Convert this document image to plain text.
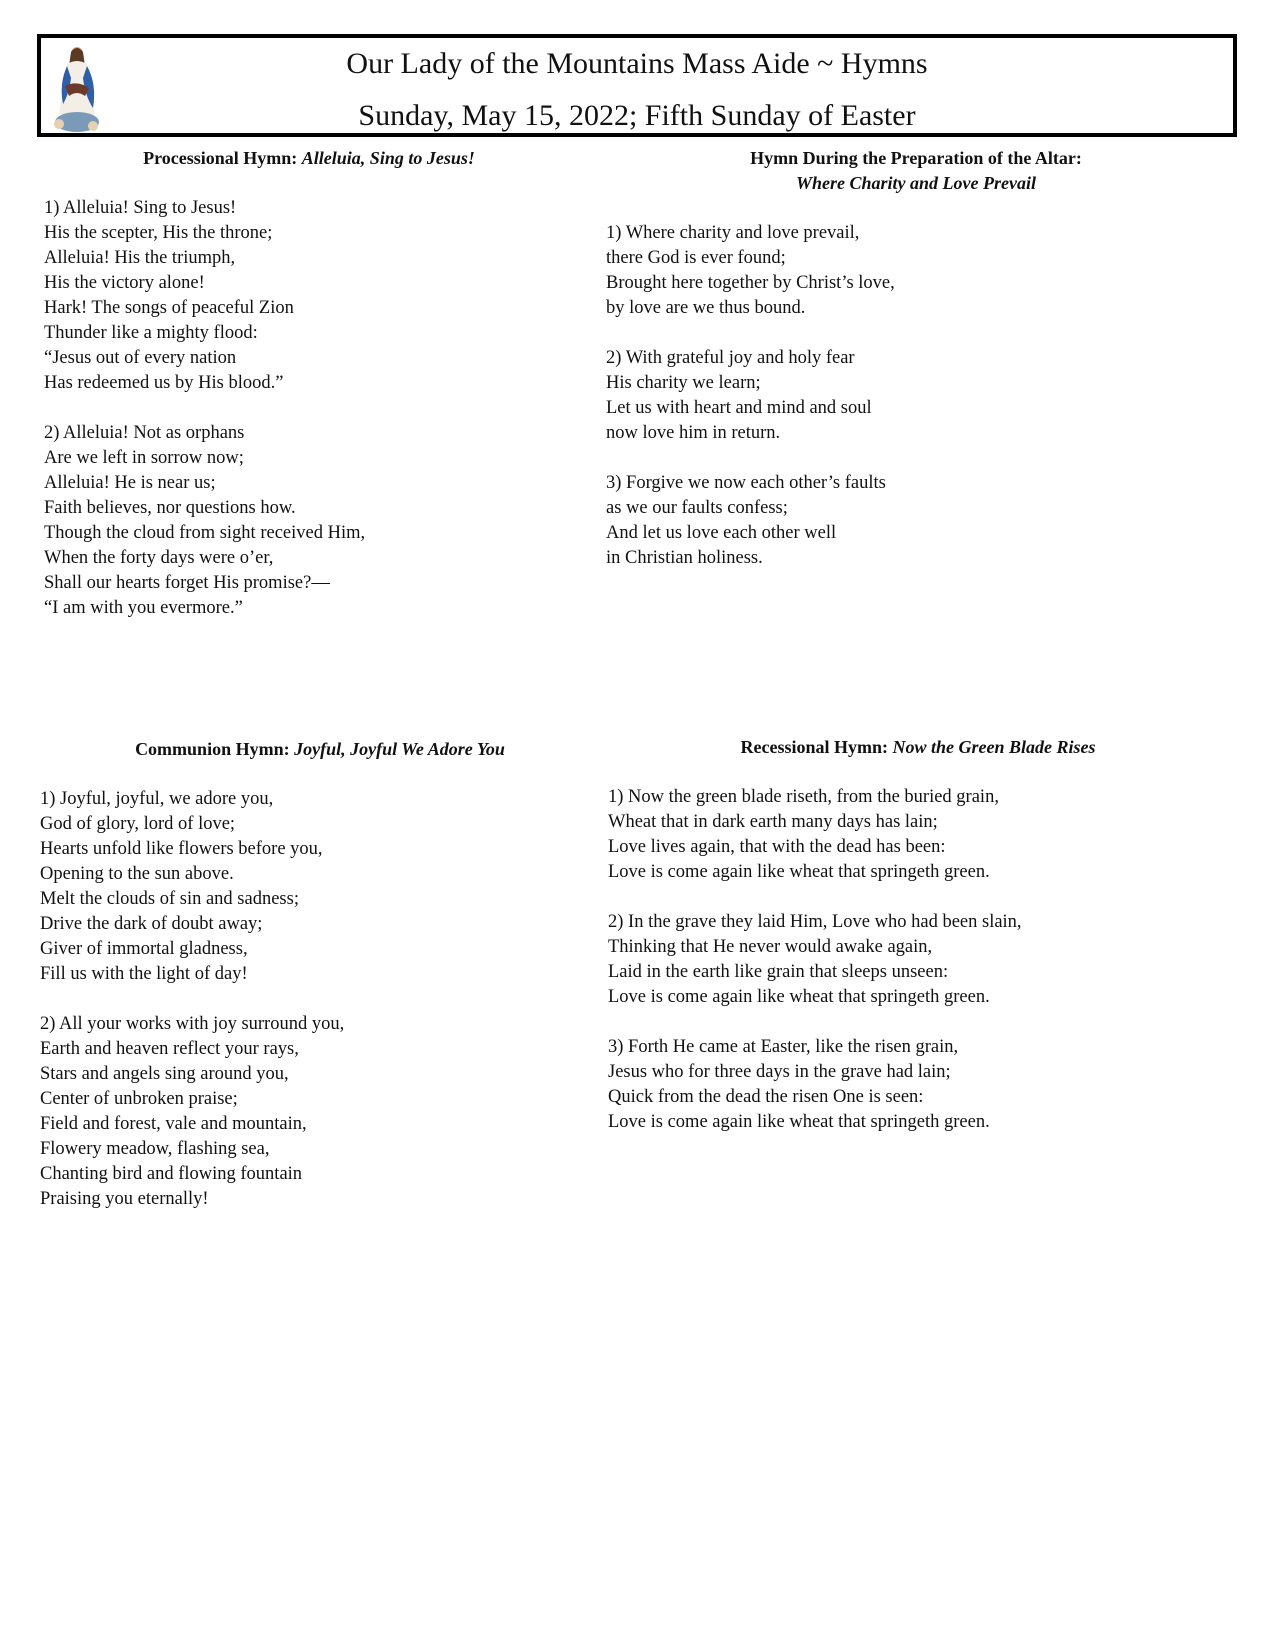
Our Lady of the Mountains Mass Aide ~ Hymns
Sunday, May 15, 2022; Fifth Sunday of Easter
Processional Hymn: Alleluia, Sing to Jesus!
1) Alleluia! Sing to Jesus!
His the scepter, His the throne;
Alleluia! His the triumph,
His the victory alone!
Hark! The songs of peaceful Zion
Thunder like a mighty flood:
“Jesus out of every nation
Has redeemed us by His blood.”
2) Alleluia! Not as orphans
Are we left in sorrow now;
Alleluia! He is near us;
Faith believes, nor questions how.
Though the cloud from sight received Him,
When the forty days were o’er,
Shall our hearts forget His promise?—
“I am with you evermore.”
Hymn During the Preparation of the Altar:
Where Charity and Love Prevail
1) Where charity and love prevail,
there God is ever found;
Brought here together by Christ’s love,
by love are we thus bound.
2) With grateful joy and holy fear
His charity we learn;
Let us with heart and mind and soul
now love him in return.
3) Forgive we now each other’s faults
as we our faults confess;
And let us love each other well
in Christian holiness.
Communion Hymn: Joyful, Joyful We Adore You
1) Joyful, joyful, we adore you,
God of glory, lord of love;
Hearts unfold like flowers before you,
Opening to the sun above.
Melt the clouds of sin and sadness;
Drive the dark of doubt away;
Giver of immortal gladness,
Fill us with the light of day!
2) All your works with joy surround you,
Earth and heaven reflect your rays,
Stars and angels sing around you,
Center of unbroken praise;
Field and forest, vale and mountain,
Flowery meadow, flashing sea,
Chanting bird and flowing fountain
Praising you eternally!
Recessional Hymn: Now the Green Blade Rises
1) Now the green blade riseth, from the buried grain,
Wheat that in dark earth many days has lain;
Love lives again, that with the dead has been:
Love is come again like wheat that springeth green.
2) In the grave they laid Him, Love who had been slain,
Thinking that He never would awake again,
Laid in the earth like grain that sleeps unseen:
Love is come again like wheat that springeth green.
3) Forth He came at Easter, like the risen grain,
Jesus who for three days in the grave had lain;
Quick from the dead the risen One is seen:
Love is come again like wheat that springeth green.
